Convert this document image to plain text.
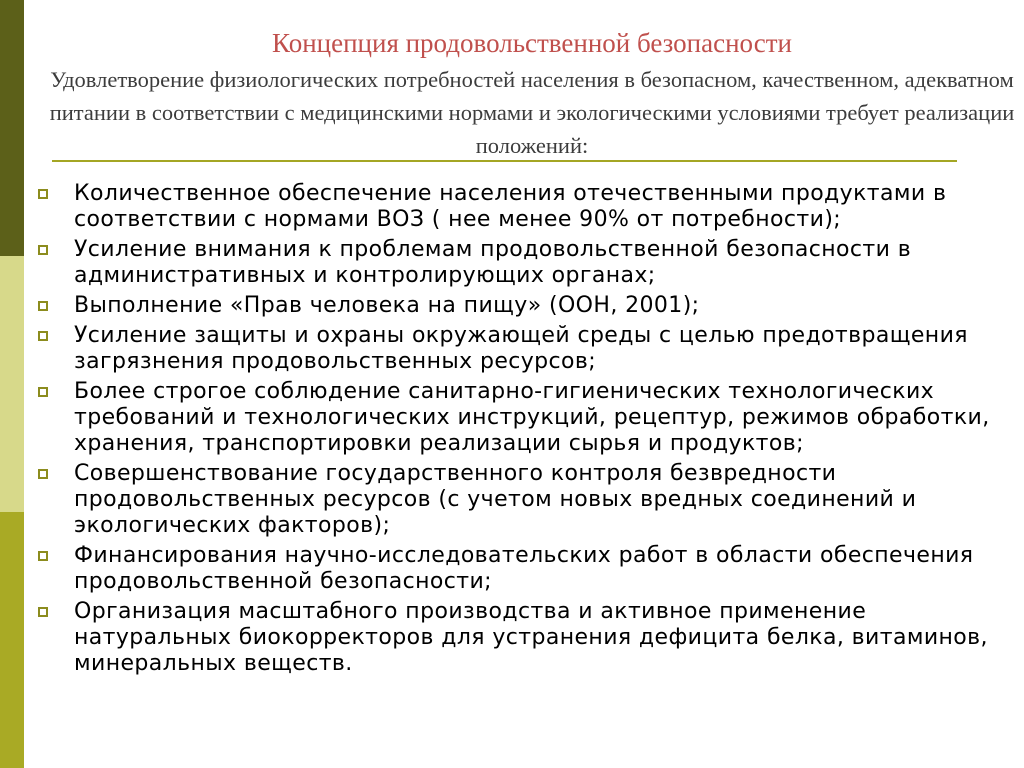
Концепция продовольственной безопасности

Удовлетворение физиологических потребностей населения в безопасном, качественном, адекватном питании в соответствии с медицинскими нормами и экологическими условиями требует реализации положений:

Количественное обеспечение населения отечественными продуктами в соответствии с нормами ВОЗ ( нее менее 90% от потребности);
Усиление внимания к проблемам продовольственной безопасности в административных и контролирующих органах;
Выполнение «Прав человека на пищу» (ООН, 2001);
Усиление защиты и охраны окружающей среды с целью предотвращения загрязнения продовольственных ресурсов;
Более строгое соблюдение санитарно-гигиенических технологических требований и технологических инструкций, рецептур, режимов обработки, хранения, транспортировки реализации сырья и продуктов;
Совершенствование государственного контроля безвредности продовольственных ресурсов (с учетом новых вредных соединений и экологических факторов);
Финансирования научно-исследовательских работ в области обеспечения продовольственной безопасности;
Организация масштабного производства и активное применение натуральных биокорректоров для устранения дефицита белка, витаминов, минеральных веществ.
